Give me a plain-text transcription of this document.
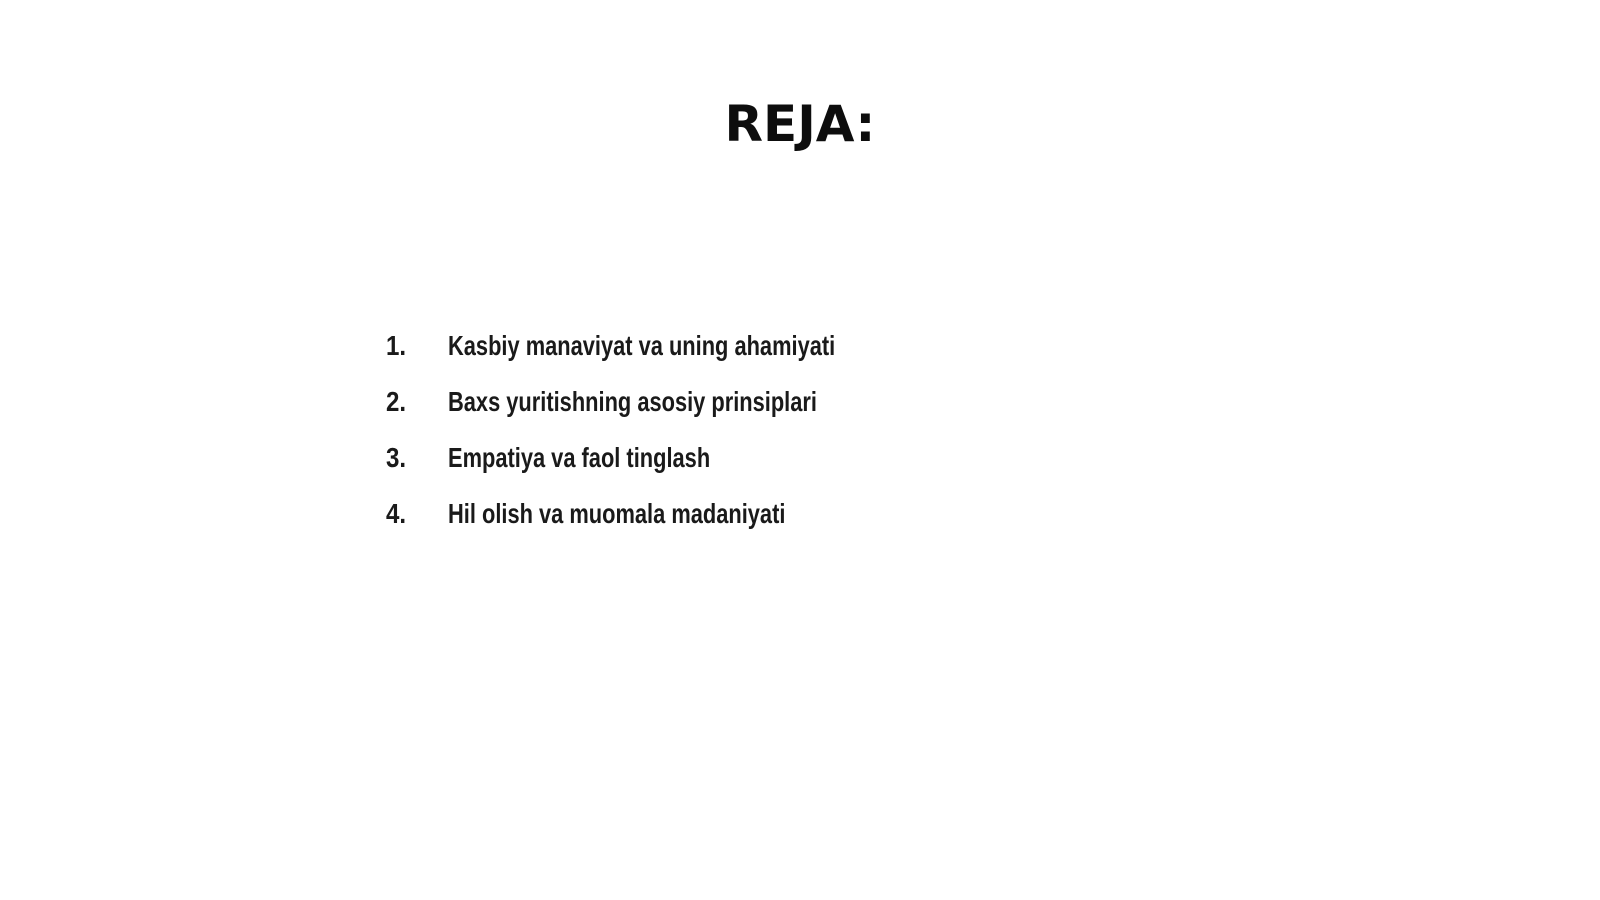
REJA:
1.	Kasbiy manaviyat va uning ahamiyati
2.	Baxs yuritishning asosiy prinsiplari
3.	Empatiya va faol tinglash
4.	Hil olish va muomala madaniyati
